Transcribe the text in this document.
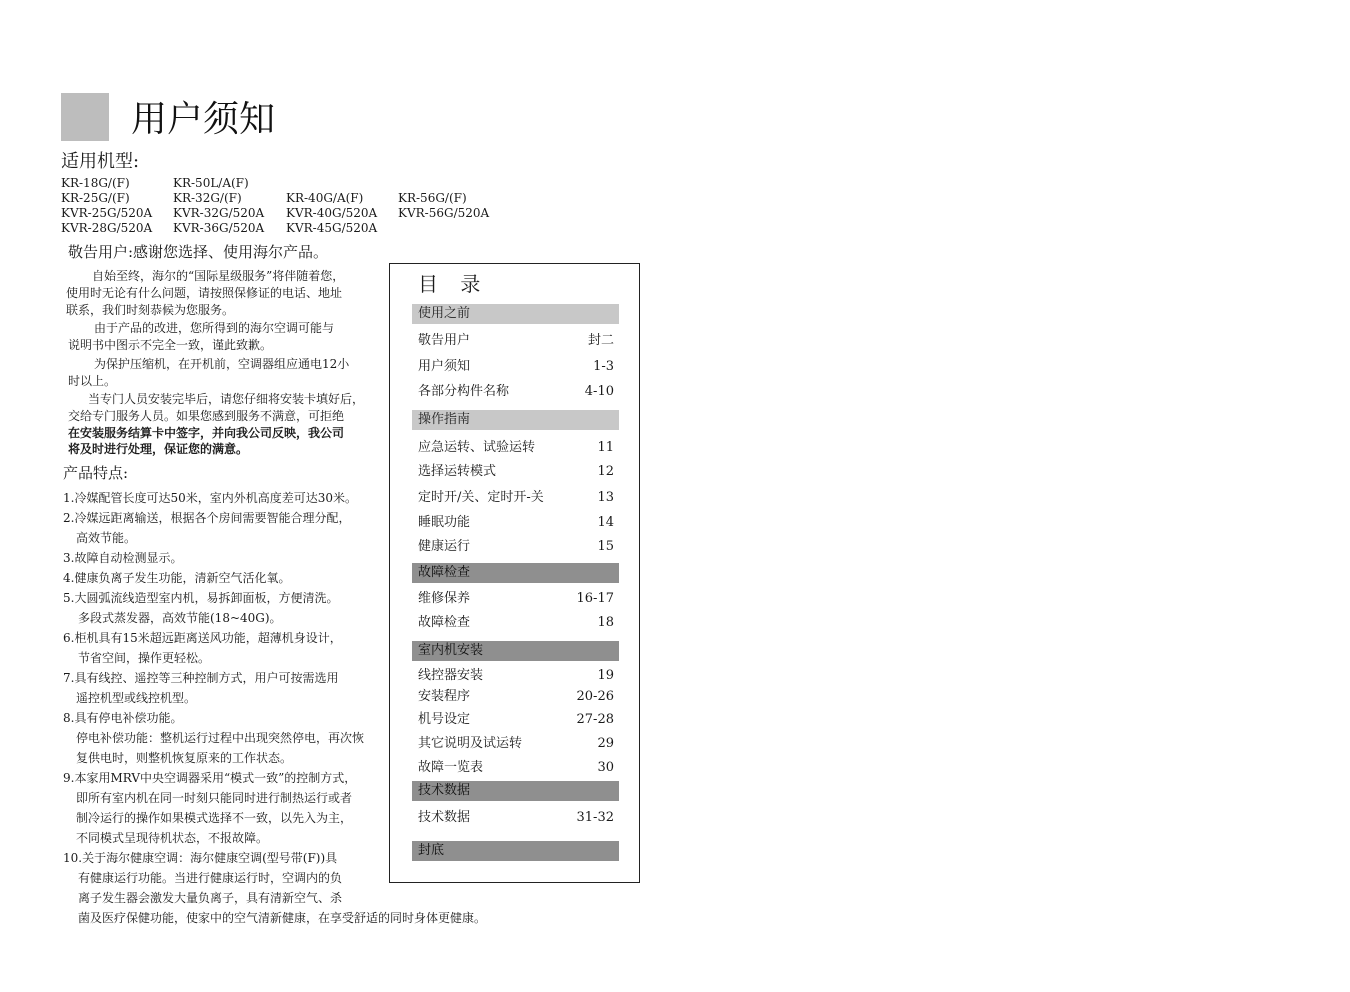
用户须知
适用机型:
KR-18G/(F)	KR-50L/A(F)
KR-25G/(F)	KR-32G/(F)	KR-40G/A(F)	KR-56G/(F)
KVR-25G/520A KVR-32G/520A KVR-40G/520A KVR-56G/520A
KVR-28G/520A KVR-36G/520A KVR-45G/520A
敬告用户:感谢您选择、使用海尔产品。
自始至终，海尔的“国际星级服务”将伴随着您，
使用时无论有什么问题，请按照保修证的电话、地址
联系，我们时刻恭候为您服务。
由于产品的改进，您所得到的海尔空调可能与
说明书中图示不完全一致，谨此致歉。
为保护压缩机，在开机前，空调器组应通电12小
时以上。
当专门人员安装完毕后，请您仔细将安装卡填好后，
交给专门服务人员。如果您感到服务不满意，可拒绝
在安装服务结算卡中签字，并向我公司反映，我公司
将及时进行处理，保证您的满意。
产品特点:
1.冷媒配管长度可达50米，室内外机高度差可达30米。
2.冷媒远距离输送，根据各个房间需要智能合理分配，
高效节能。
3.故障自动检测显示。
4.健康负离子发生功能，清新空气活化氧。
5.大圆弧流线造型室内机，易拆卸面板，方便清洗。
多段式蒸发器，高效节能(18~40G)。
6.柜机具有15米超远距离送风功能，超薄机身设计，
节省空间，操作更轻松。
7.具有线控、遥控等三种控制方式，用户可按需选用
遥控机型或线控机型。
8.具有停电补偿功能。
停电补偿功能：整机运行过程中出现突然停电，再次恢
复供电时，则整机恢复原来的工作状态。
9.本家用MRV中央空调器采用“模式一致”的控制方式，
即所有室内机在同一时刻只能同时进行制热运行或者
制冷运行的操作如果模式选择不一致，以先入为主，
不同模式呈现待机状态，不报故障。
10.关于海尔健康空调：海尔健康空调(型号带(F))具
有健康运行功能。当进行健康运行时，空调内的负
离子发生器会激发大量负离子，具有清新空气、杀
菌及医疗保健功能，使家中的空气清新健康，在享受舒适的同时身体更健康。
目 录
使用之前
敬告用户	封二
用户须知	1-3
各部分构件名称	4-10
操作指南
应急运转、试验运转	11
选择运转模式	12
定时开/关、定时开-关	13
睡眠功能	14
健康运行	15
故障检查
维修保养	16-17
故障检查	18
室内机安装
线控器安装	19
安装程序	20-26
机号设定	27-28
其它说明及试运转	29
故障一览表	30
技术数据
技术数据	31-32
封底
